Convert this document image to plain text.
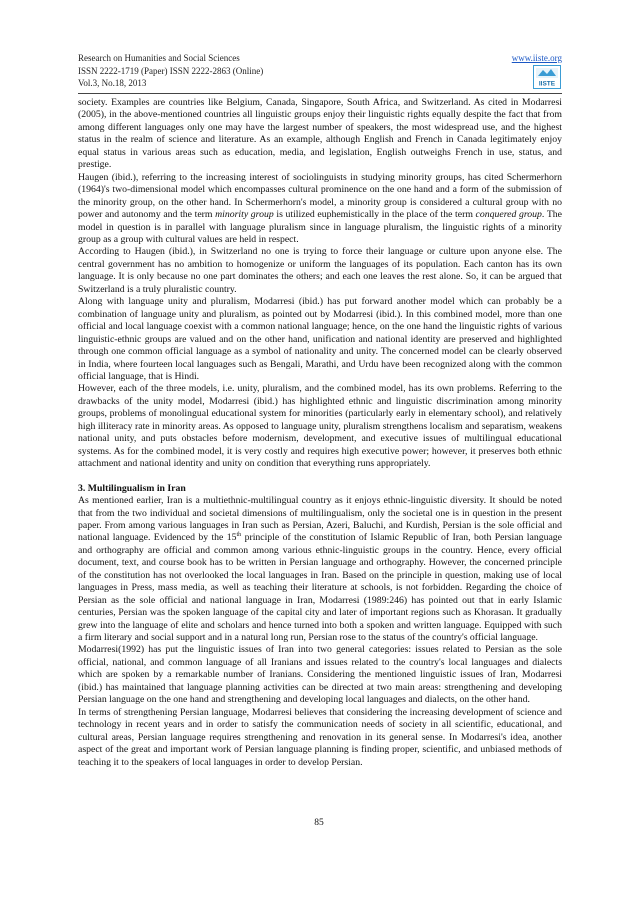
Research on Humanities and Social Sciences
ISSN 2222-1719 (Paper) ISSN 2222-2863 (Online)
Vol.3, No.18, 2013
www.iiste.org
IISTE

society. Examples are countries like Belgium, Canada, Singapore, South Africa, and Switzerland. As cited in Modarresi (2005), in the above-mentioned countries all linguistic groups enjoy their linguistic rights equally despite the fact that from among different languages only one may have the largest number of speakers, the most widespread use, and the highest status in the realm of science and literature. As an example, although English and French in Canada legitimately enjoy equal status in various areas such as education, media, and legislation, English outweighs French in use, status, and prestige.

Haugen (ibid.), referring to the increasing interest of sociolinguists in studying minority groups, has cited Schermerhorn (1964)'s two-dimensional model which encompasses cultural prominence on the one hand and a form of the submission of the minority group, on the other hand. In Schermerhorn's model, a minority group is considered a cultural group with no power and autonomy and the term minority group is utilized euphemistically in the place of the term conquered group. The model in question is in parallel with language pluralism since in language pluralism, the linguistic rights of a minority group as a group with cultural values are held in respect.

According to Haugen (ibid.), in Switzerland no one is trying to force their language or culture upon anyone else. The central government has no ambition to homogenize or uniform the languages of its population. Each canton has its own language. It is only because no one part dominates the others; and each one leaves the rest alone. So, it can be argued that Switzerland is a truly pluralistic country.

Along with language unity and pluralism, Modarresi (ibid.) has put forward another model which can probably be a combination of language unity and pluralism, as pointed out by Modarresi (ibid.). In this combined model, more than one official and local language coexist with a common national language; hence, on the one hand the linguistic rights of various linguistic-ethnic groups are valued and on the other hand, unification and national identity are preserved and highlighted through one common official language as a symbol of nationality and unity. The concerned model can be clearly observed in India, where fourteen local languages such as Bengali, Marathi, and Urdu have been recognized along with the common official language, that is Hindi.

However, each of the three models, i.e. unity, pluralism, and the combined model, has its own problems. Referring to the drawbacks of the unity model, Modarresi (ibid.) has highlighted ethnic and linguistic discrimination among minority groups, problems of monolingual educational system for minorities (particularly early in elementary school), and relatively high illiteracy rate in minority areas. As opposed to language unity, pluralism strengthens localism and separatism, weakens national unity, and puts obstacles before modernism, development, and executive issues of multilingual educational systems. As for the combined model, it is very costly and requires high executive power; however, it preserves both ethnic attachment and national identity and unity on condition that everything runs appropriately.

3. Multilingualism in Iran

As mentioned earlier, Iran is a multiethnic-multilingual country as it enjoys ethnic-linguistic diversity. It should be noted that from the two individual and societal dimensions of multilingualism, only the societal one is in question in the present paper. From among various languages in Iran such as Persian, Azeri, Baluchi, and Kurdish, Persian is the sole official and national language. Evidenced by the 15th principle of the constitution of Islamic Republic of Iran, both Persian language and orthography are official and common among various ethnic-linguistic groups in the country. Hence, every official document, text, and course book has to be written in Persian language and orthography. However, the concerned principle of the constitution has not overlooked the local languages in Iran. Based on the principle in question, making use of local languages in Press, mass media, as well as teaching their literature at schools, is not forbidden. Regarding the choice of Persian as the sole official and national language in Iran, Modarresi (1989:246) has pointed out that in early Islamic centuries, Persian was the spoken language of the capital city and later of important regions such as Khorasan. It gradually grew into the language of elite and scholars and hence turned into both a spoken and written language. Equipped with such a firm literary and social support and in a natural long run, Persian rose to the status of the country's official language.

Modarresi(1992) has put the linguistic issues of Iran into two general categories: issues related to Persian as the sole official, national, and common language of all Iranians and issues related to the country's local languages and dialects which are spoken by a remarkable number of Iranians. Considering the mentioned linguistic issues of Iran, Modarresi (ibid.) has maintained that language planning activities can be directed at two main areas: strengthening and developing Persian language on the one hand and strengthening and developing local languages and dialects, on the other hand.

In terms of strengthening Persian language, Modarresi believes that considering the increasing development of science and technology in recent years and in order to satisfy the communication needs of society in all scientific, educational, and cultural areas, Persian language requires strengthening and renovation in its general sense. In Modarresi's idea, another aspect of the great and important work of Persian language planning is finding proper, scientific, and unbiased methods of teaching it to the speakers of local languages in order to develop Persian.

85
